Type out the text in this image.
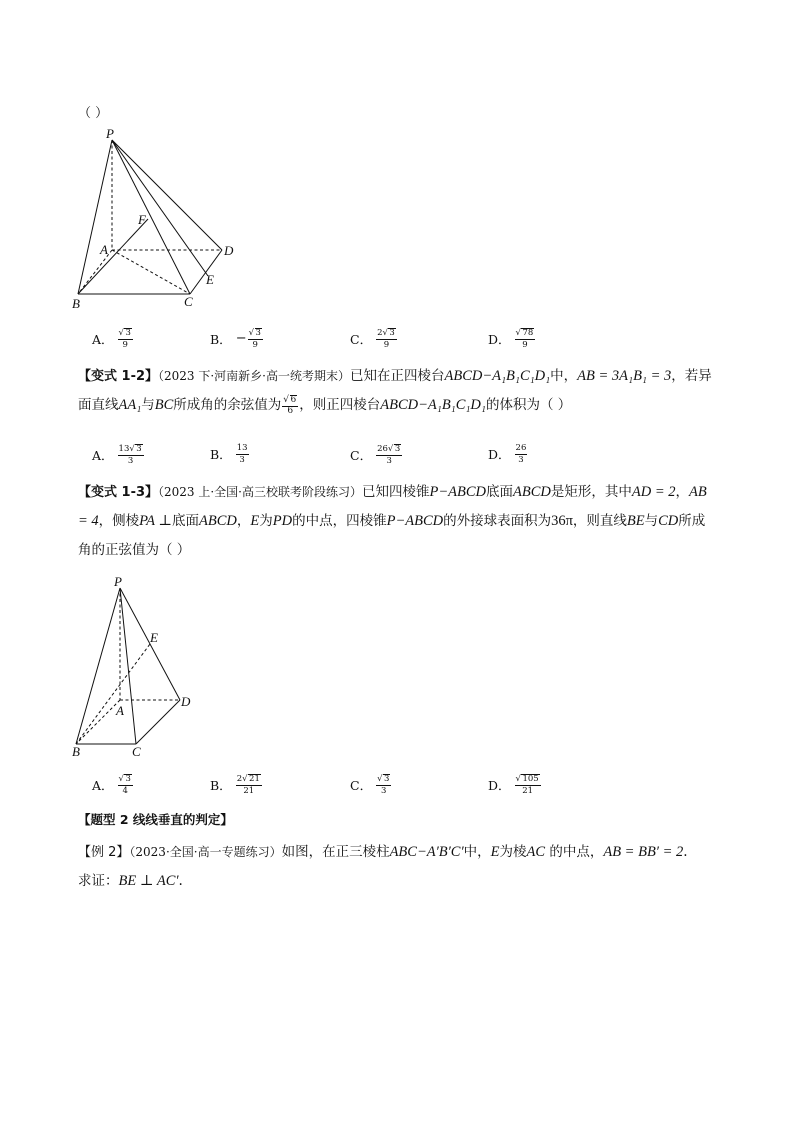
（ ）
P
F
A	D
E
B	C
A． $\frac{√ 3}{9}$	B． − $\frac{√ 3}{9}$	C． $\frac{2√ 3}{9}$	D． $\frac{√ 78}{9}$
【变式 1-2】（2023 下·河南新乡·高一统考期末）已知在正四棱台ABCD−A₁B₁C₁D₁中，AB = 3A₁B₁ = 3，若异面直线AA₁与BC所成角的余弦值为 $\frac{√ 6}{6}$ ，则正四棱台ABCD−A₁B₁C₁D₁的体积为（ ）
A． $\frac{13√ 3}{3}$	B． $\frac{13}{3}$	C． $\frac{26√ 3}{3}$	D． $\frac{26}{3}$
【变式 1-3】（2023 上·全国·高三校联考阶段练习）已知四棱锥P−ABCD底面ABCD是矩形，其中AD = 2，AB = 4，侧棱PA ⊥底面ABCD，E为PD的中点，四棱锥P−ABCD的外接球表面积为36π，则直线BE与CD所成角的正弦值为（ ）
P
E
A
D
B	C
A． $\frac{√ 3}{4}$	B． $\frac{2√ 21}{21}$	C． $\frac{√ 3}{3}$	D． $\frac{√ 105}{21}$
【题型 2 线线垂直的判定】
【例 2】（2023·全国·高一专题练习）如图，在正三棱柱ABC−A′B′C′中，E为棱AC 的中点，AB = BB′ = 2.
求证：BE ⊥ AC′.
